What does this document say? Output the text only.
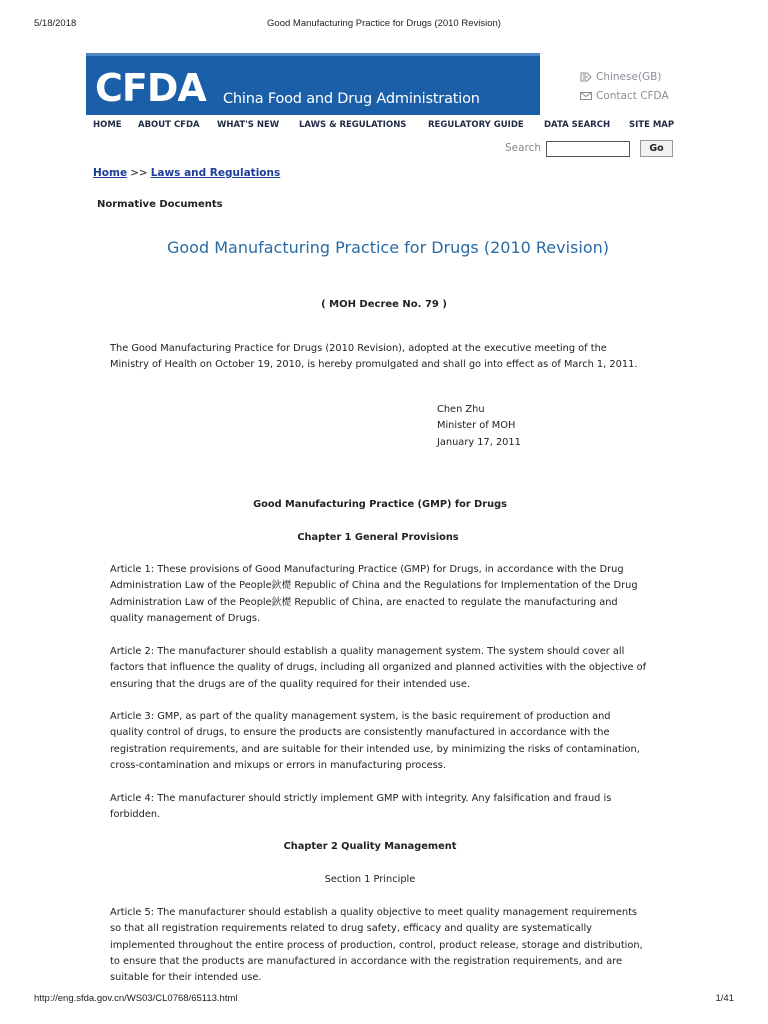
5/18/2018	Good Manufacturing Practice for Drugs (2010 Revision)
CFDA China Food and Drug Administration
Chinese(GB)
Contact CFDA
HOME ABOUT CFDA WHAT'S NEW LAWS & REGULATIONS	REGULATORY GUIDE DATA SEARCH SITE MAP
Search	Go
Home >> Laws and Regulations
Normative Documents
Good Manufacturing Practice for Drugs (2010 Revision)
( MOH Decree No. 79 )
The Good Manufacturing Practice for Drugs (2010 Revision), adopted at the executive meeting of the
Ministry of Health on October 19, 2010, is hereby promulgated and shall go into effect as of March 1, 2011.
Chen Zhu
Minister of MOH
January 17, 2011
Good Manufacturing Practice (GMP) for Drugs
Chapter 1 General Provisions
Article 1: These provisions of Good Manufacturing Practice (GMP) for Drugs, in accordance with the Drug
Administration Law of the People鈥檚 Republic of China and the Regulations for Implementation of the Drug
Administration Law of the People鈥檚 Republic of China, are enacted to regulate the manufacturing and
quality management of Drugs.
Article 2: The manufacturer should establish a quality management system. The system should cover all
factors that influence the quality of drugs, including all organized and planned activities with the objective of
ensuring that the drugs are of the quality required for their intended use.
Article 3: GMP, as part of the quality management system, is the basic requirement of production and
quality control of drugs, to ensure the products are consistently manufactured in accordance with the
registration requirements, and are suitable for their intended use, by minimizing the risks of contamination,
cross-contamination and mixups or errors in manufacturing process.
Article 4: The manufacturer should strictly implement GMP with integrity. Any falsification and fraud is
forbidden.
Chapter 2 Quality Management
Section 1 Principle
Article 5: The manufacturer should establish a quality objective to meet quality management requirements
so that all registration requirements related to drug safety, efficacy and quality are systematically
implemented throughout the entire process of production, control, product release, storage and distribution,
to ensure that the products are manufactured in accordance with the registration requirements, and are
suitable for their intended use.
http://eng.sfda.gov.cn/WS03/CL0768/65113.html	1/41
